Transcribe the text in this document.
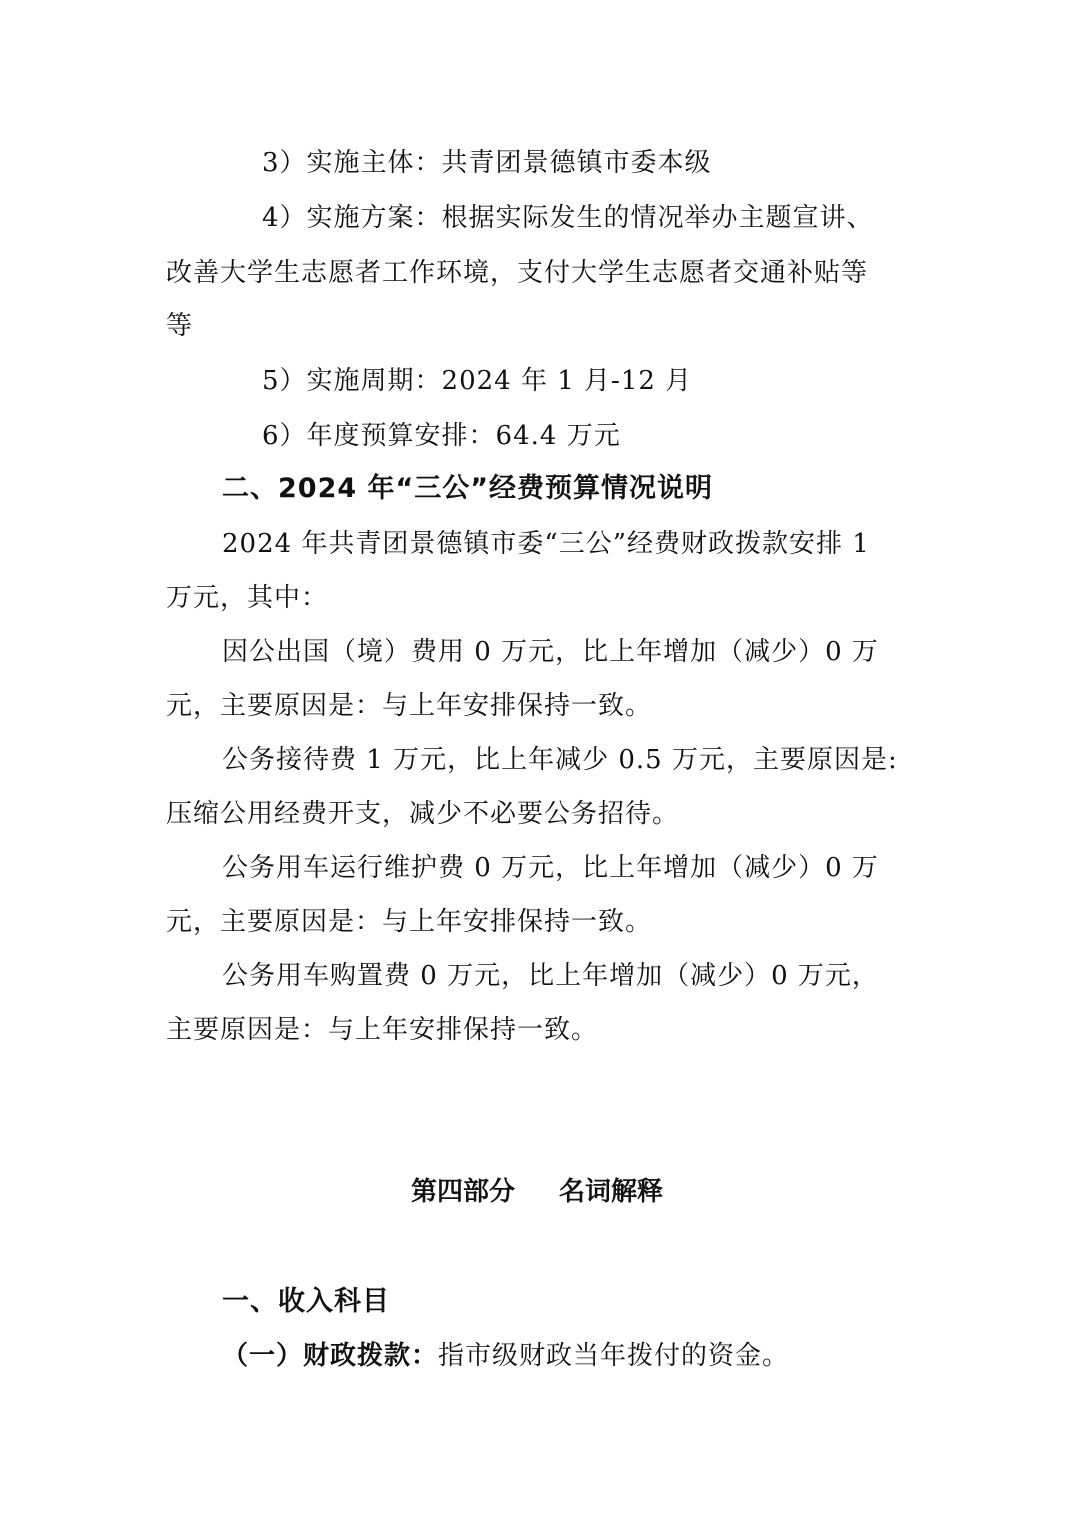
3）实施主体：共青团景德镇市委本级
4）实施方案：根据实际发生的情况举办主题宣讲、
改善大学生志愿者工作环境，支付大学生志愿者交通补贴等
等
5）实施周期：2024 年 1 月-12 月
6）年度预算安排：64.4 万元
二、2024 年“三公”经费预算情况说明
2024 年共青团景德镇市委“三公”经费财政拨款安排 1
万元，其中：
因公出国（境）费用 0 万元，比上年增加（减少）0 万
元，主要原因是：与上年安排保持一致。
公务接待费 1 万元，比上年减少 0.5 万元，主要原因是:
压缩公用经费开支，减少不必要公务招待。
公务用车运行维护费 0 万元，比上年增加（减少）0 万
元，主要原因是：与上年安排保持一致。
公务用车购置费 0 万元，比上年增加（减少）0 万元，
主要原因是：与上年安排保持一致。
第四部分 名词解释
一、收入科目
（一）财政拨款：指市级财政当年拨付的资金。
